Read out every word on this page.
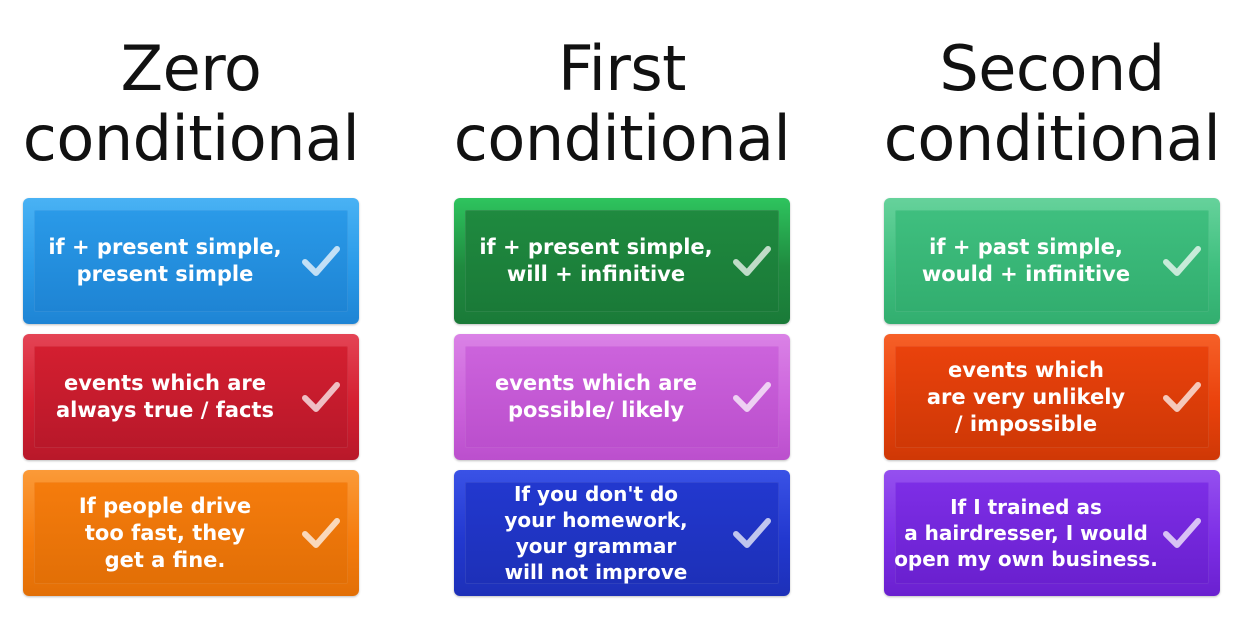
Zero
conditional
if + present simple,
present simple
events which are
always true / facts
If people drive
too fast, they
get a fine.
First
conditional
if + present simple,
will + infinitive
events which are
possible/ likely
If you don't do
your homework,
your grammar
will not improve
Second
conditional
if + past simple,
would + infinitive
events which
are very unlikely
/ impossible
If I trained as
a hairdresser, I would
open my own business.
